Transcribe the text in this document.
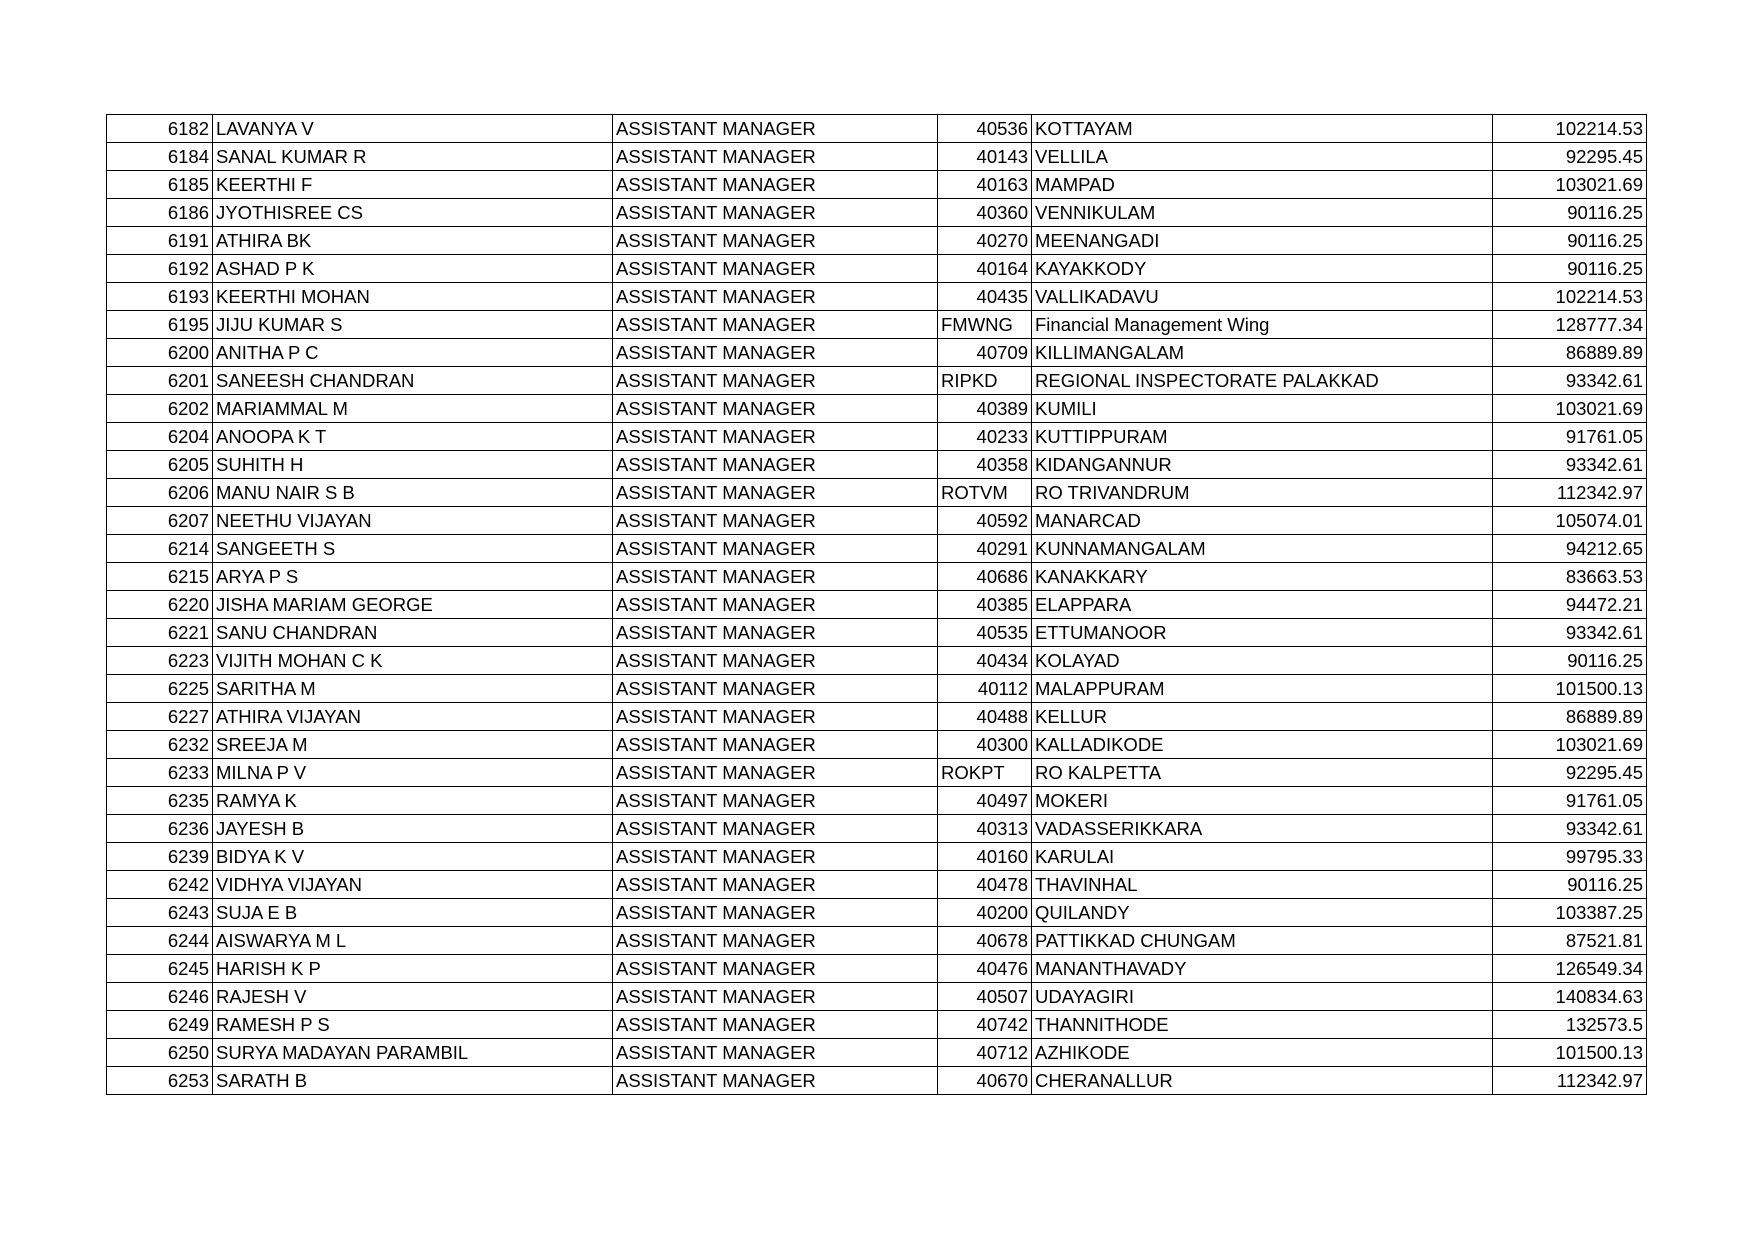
6182	LAVANYA V	ASSISTANT MANAGER	40536	KOTTAYAM	102214.53
6184	SANAL KUMAR R	ASSISTANT MANAGER	40143	VELLILA	92295.45
6185	KEERTHI F	ASSISTANT MANAGER	40163	MAMPAD	103021.69
6186	JYOTHISREE CS	ASSISTANT MANAGER	40360	VENNIKULAM	90116.25
6191	ATHIRA BK	ASSISTANT MANAGER	40270	MEENANGADI	90116.25
6192	ASHAD P K	ASSISTANT MANAGER	40164	KAYAKKODY	90116.25
6193	KEERTHI MOHAN	ASSISTANT MANAGER	40435	VALLIKADAVU	102214.53
6195	JIJU KUMAR S	ASSISTANT MANAGER	FMWNG	Financial Management Wing	128777.34
6200	ANITHA P C	ASSISTANT MANAGER	40709	KILLIMANGALAM	86889.89
6201	SANEESH CHANDRAN	ASSISTANT MANAGER	RIPKD	REGIONAL INSPECTORATE PALAKKAD	93342.61
6202	MARIAMMAL M	ASSISTANT MANAGER	40389	KUMILI	103021.69
6204	ANOOPA K T	ASSISTANT MANAGER	40233	KUTTIPPURAM	91761.05
6205	SUHITH H	ASSISTANT MANAGER	40358	KIDANGANNUR	93342.61
6206	MANU NAIR S B	ASSISTANT MANAGER	ROTVM	RO TRIVANDRUM	112342.97
6207	NEETHU VIJAYAN	ASSISTANT MANAGER	40592	MANARCAD	105074.01
6214	SANGEETH S	ASSISTANT MANAGER	40291	KUNNAMANGALAM	94212.65
6215	ARYA P S	ASSISTANT MANAGER	40686	KANAKKARY	83663.53
6220	JISHA MARIAM GEORGE	ASSISTANT MANAGER	40385	ELAPPARA	94472.21
6221	SANU CHANDRAN	ASSISTANT MANAGER	40535	ETTUMANOOR	93342.61
6223	VIJITH MOHAN C K	ASSISTANT MANAGER	40434	KOLAYAD	90116.25
6225	SARITHA M	ASSISTANT MANAGER	40112	MALAPPURAM	101500.13
6227	ATHIRA VIJAYAN	ASSISTANT MANAGER	40488	KELLUR	86889.89
6232	SREEJA M	ASSISTANT MANAGER	40300	KALLADIKODE	103021.69
6233	MILNA P V	ASSISTANT MANAGER	ROKPT	RO KALPETTA	92295.45
6235	RAMYA K	ASSISTANT MANAGER	40497	MOKERI	91761.05
6236	JAYESH B	ASSISTANT MANAGER	40313	VADASSERIKKARA	93342.61
6239	BIDYA K V	ASSISTANT MANAGER	40160	KARULAI	99795.33
6242	VIDHYA VIJAYAN	ASSISTANT MANAGER	40478	THAVINHAL	90116.25
6243	SUJA E B	ASSISTANT MANAGER	40200	QUILANDY	103387.25
6244	AISWARYA M L	ASSISTANT MANAGER	40678	PATTIKKAD CHUNGAM	87521.81
6245	HARISH K P	ASSISTANT MANAGER	40476	MANANTHAVADY	126549.34
6246	RAJESH V	ASSISTANT MANAGER	40507	UDAYAGIRI	140834.63
6249	RAMESH P S	ASSISTANT MANAGER	40742	THANNITHODE	132573.5
6250	SURYA MADAYAN PARAMBIL	ASSISTANT MANAGER	40712	AZHIKODE	101500.13
6253	SARATH B	ASSISTANT MANAGER	40670	CHERANALLUR	112342.97
